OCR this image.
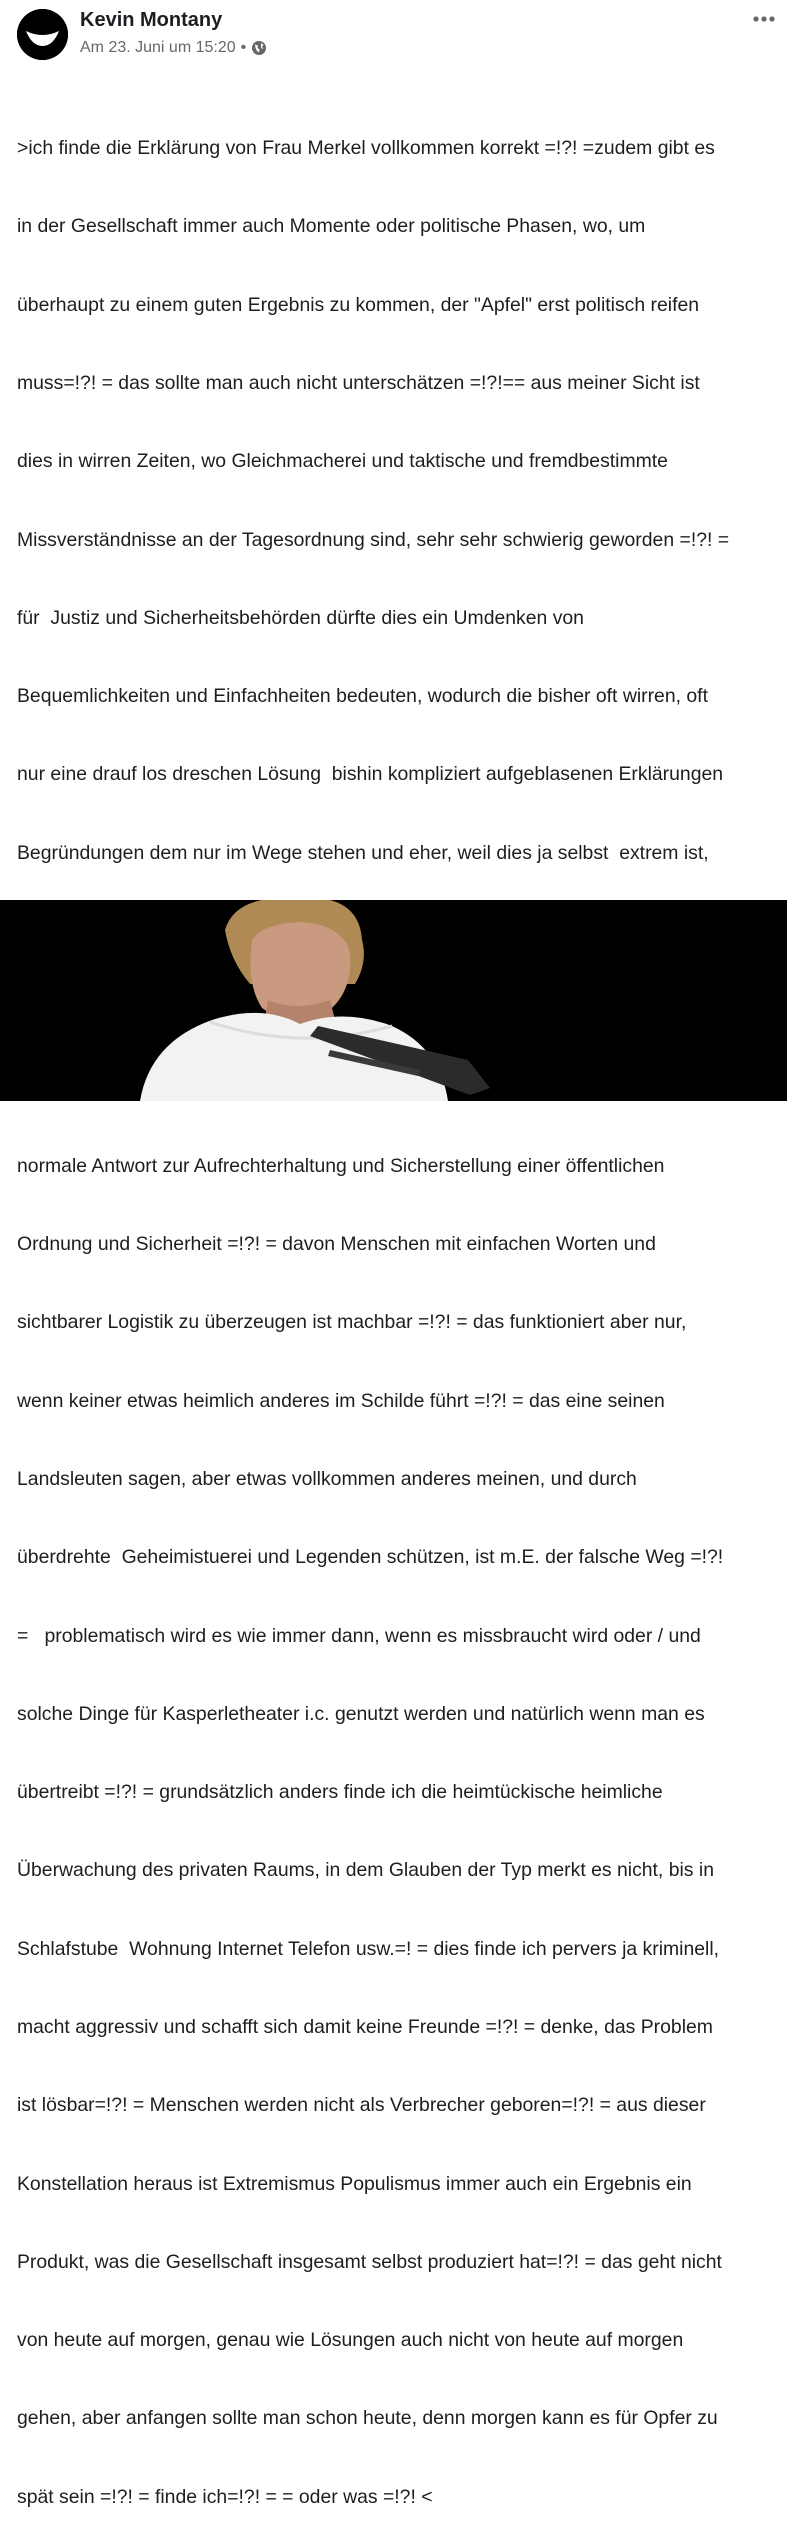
Kevin Montany
Am 23. Juni um 15:20 •

>ich finde die Erklärung von Frau Merkel vollkommen korrekt =!?! =zudem gibt es

in der Gesellschaft immer auch Momente oder politische Phasen, wo, um

überhaupt zu einem guten Ergebnis zu kommen, der "Apfel" erst politisch reifen

muss=!?! = das sollte man auch nicht unterschätzen =!?!== aus meiner Sicht ist

dies in wirren Zeiten, wo Gleichmacherei und taktische und fremdbestimmte

Missverständnisse an der Tagesordnung sind, sehr sehr schwierig geworden =!?! =

für  Justiz und Sicherheitsbehörden dürfte dies ein Umdenken von

Bequemlichkeiten und Einfachheiten bedeuten, wodurch die bisher oft wirren, oft

nur eine drauf los dreschen Lösung  bishin kompliziert aufgeblasenen Erklärungen

Begründungen dem nur im Wege stehen und eher, weil dies ja selbst  extrem ist,

normale Antwort zur Aufrechterhaltung und Sicherstellung einer öffentlichen

Ordnung und Sicherheit =!?! = davon Menschen mit einfachen Worten und

sichtbarer Logistik zu überzeugen ist machbar =!?! = das funktioniert aber nur,

wenn keiner etwas heimlich anderes im Schilde führt =!?! = das eine seinen

Landsleuten sagen, aber etwas vollkommen anderes meinen, und durch

überdrehte  Geheimistuerei und Legenden schützen, ist m.E. der falsche Weg =!?!

=   problematisch wird es wie immer dann, wenn es missbraucht wird oder / und

solche Dinge für Kasperletheater i.c. genutzt werden und natürlich wenn man es

übertreibt =!?! = grundsätzlich anders finde ich die heimtückische heimliche

Überwachung des privaten Raums, in dem Glauben der Typ merkt es nicht, bis in

Schlafstube  Wohnung Internet Telefon usw.=! = dies finde ich pervers ja kriminell,

macht aggressiv und schafft sich damit keine Freunde =!?! = denke, das Problem

ist lösbar=!?! = Menschen werden nicht als Verbrecher geboren=!?! = aus dieser

Konstellation heraus ist Extremismus Populismus immer auch ein Ergebnis ein

Produkt, was die Gesellschaft insgesamt selbst produziert hat=!?! = das geht nicht

von heute auf morgen, genau wie Lösungen auch nicht von heute auf morgen

gehen, aber anfangen sollte man schon heute, denn morgen kann es für Opfer zu

spät sein =!?! = finde ich=!?! = = oder was =!?! <
